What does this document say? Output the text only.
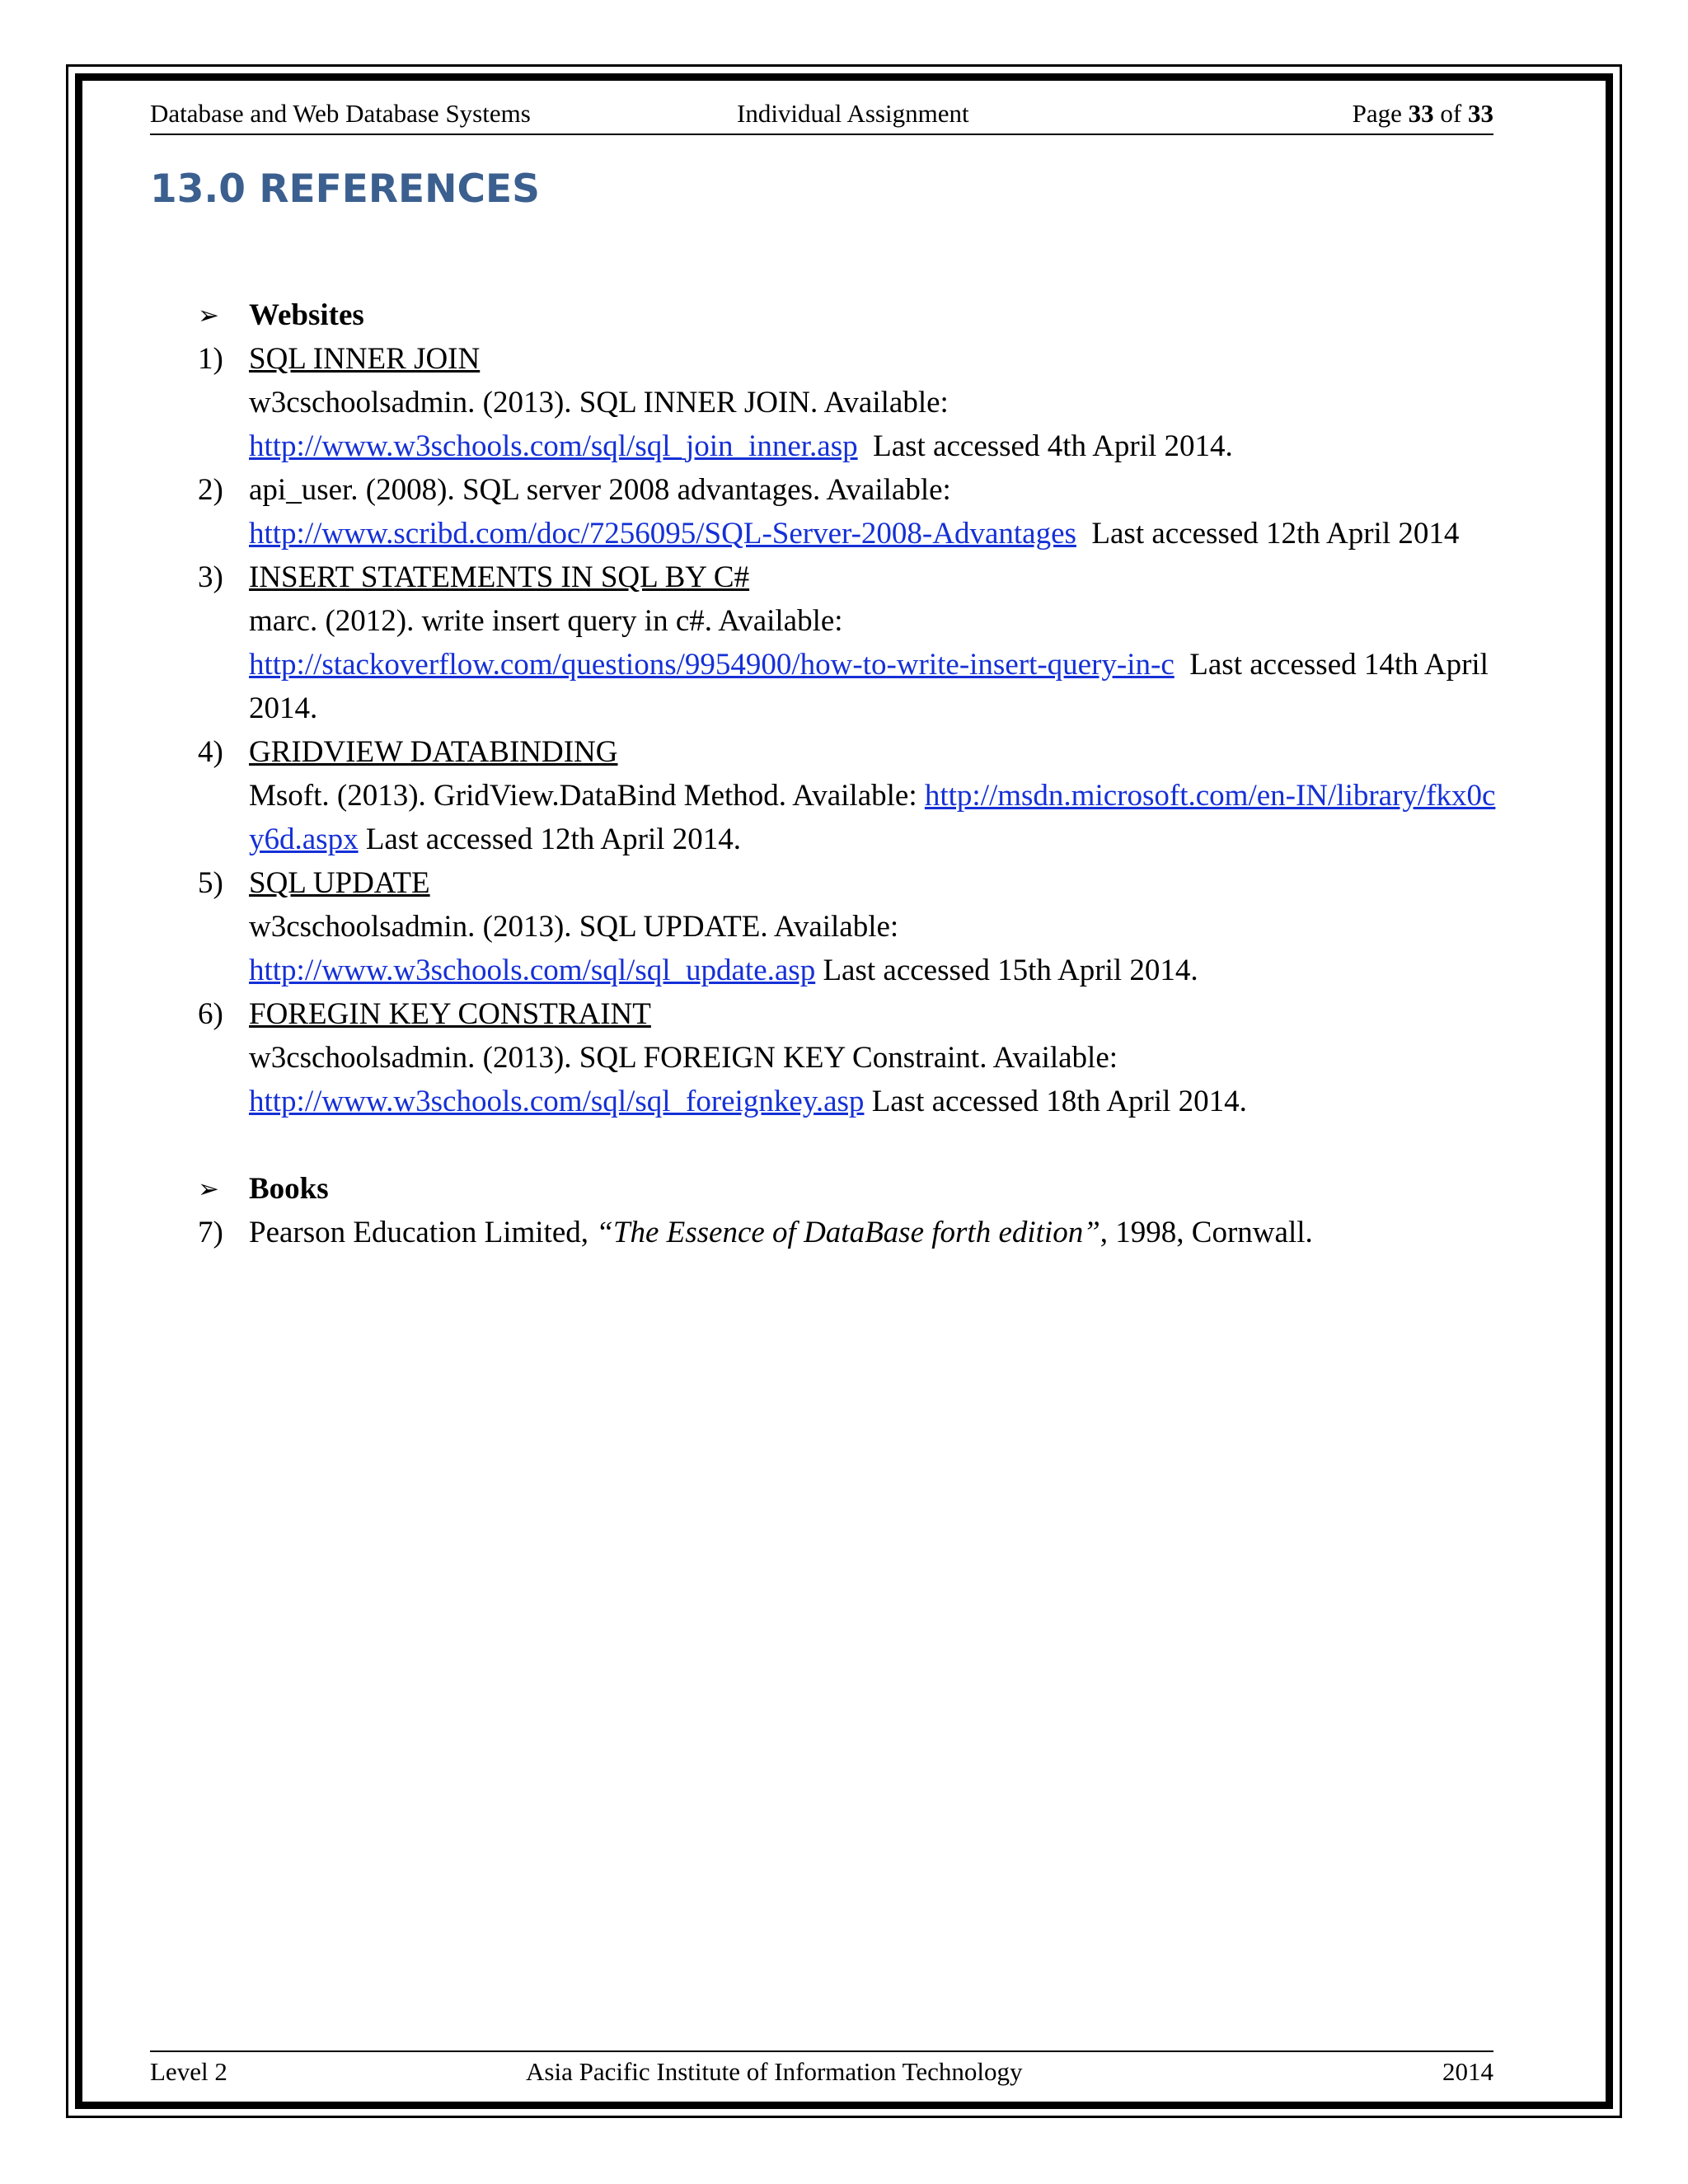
Database and Web Database Systems	Individual Assignment	Page 33 of 33
13.0 REFERENCES
➢ Websites
1) SQL INNER JOIN
w3cschoolsadmin. (2013). SQL INNER JOIN. Available:
http://www.w3schools.com/sql/sql_join_inner.asp Last accessed 4th April 2014.
2) api_user. (2008). SQL server 2008 advantages. Available:
http://www.scribd.com/doc/7256095/SQL-Server-2008-Advantages Last accessed 12th April 2014
3) INSERT STATEMENTS IN SQL BY C#
marc. (2012). write insert query in c#. Available:
http://stackoverflow.com/questions/9954900/how-to-write-insert-query-in-c Last accessed 14th April 2014.
4) GRIDVIEW DATABINDING
Msoft. (2013). GridView.DataBind Method. Available: http://msdn.microsoft.com/en-IN/library/fkx0cy6d.aspx Last accessed 12th April 2014.
5) SQL UPDATE
w3cschoolsadmin. (2013). SQL UPDATE. Available:
http://www.w3schools.com/sql/sql_update.asp Last accessed 15th April 2014.
6) FOREGIN KEY CONSTRAINT
w3cschoolsadmin. (2013). SQL FOREIGN KEY Constraint. Available:
http://www.w3schools.com/sql/sql_foreignkey.asp Last accessed 18th April 2014.
➢ Books
7) Pearson Education Limited, “The Essence of DataBase forth edition”, 1998, Cornwall.
Level 2	Asia Pacific Institute of Information Technology	2014
